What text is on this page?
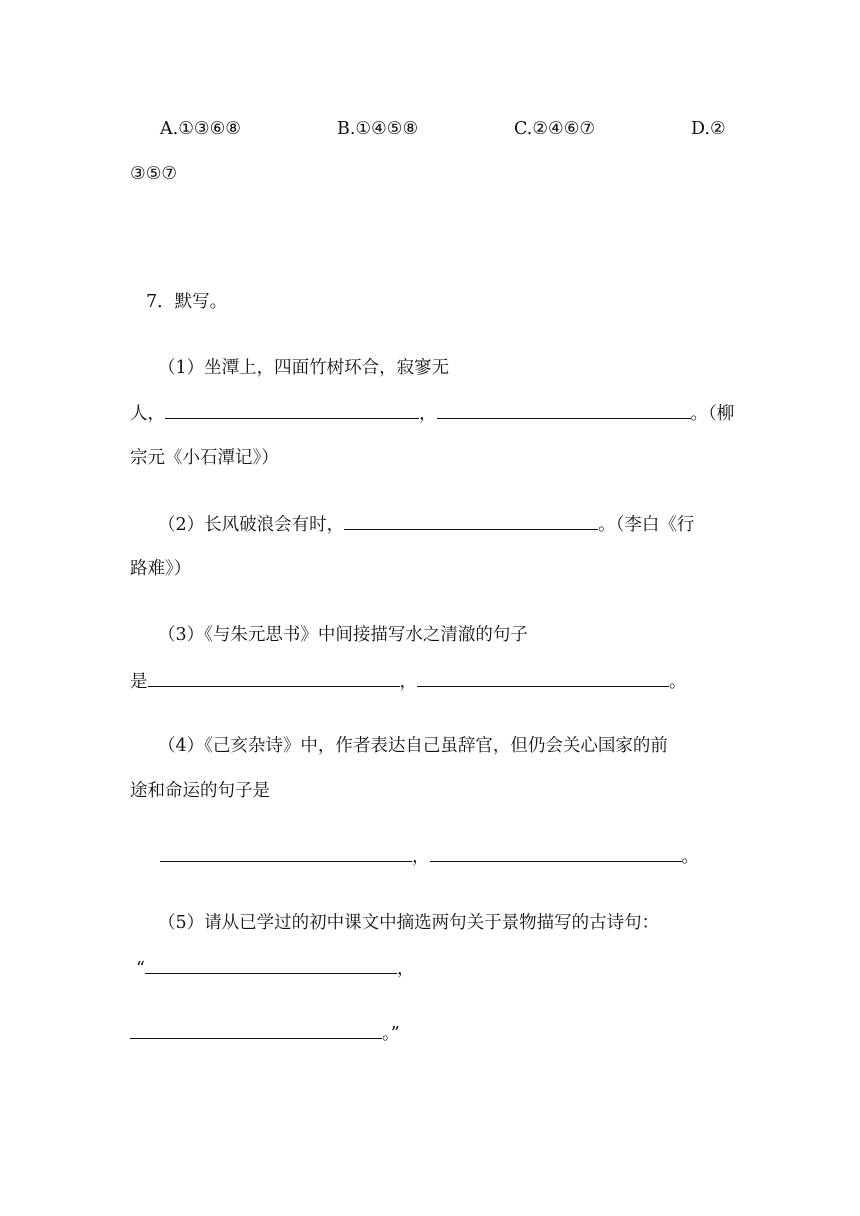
A.①③⑥⑧	B.①④⑤⑧	C.②④⑥⑦	D.②
③⑤⑦
7．默写。
（1）坐潭上，四面竹树环合，寂寥无
人，	，	。（柳
宗元《小石潭记》）
（2）长风破浪会有时，	。（李白《行
路难》）
（3）《与朱元思书》中间接描写水之清澈的句子
是	，	。
（4）《己亥杂诗》中，作者表达自己虽辞官，但仍会关心国家的前
途和命运的句子是
，	。
（5）请从已学过的初中课文中摘选两句关于景物描写的古诗句：
“	，
。”
